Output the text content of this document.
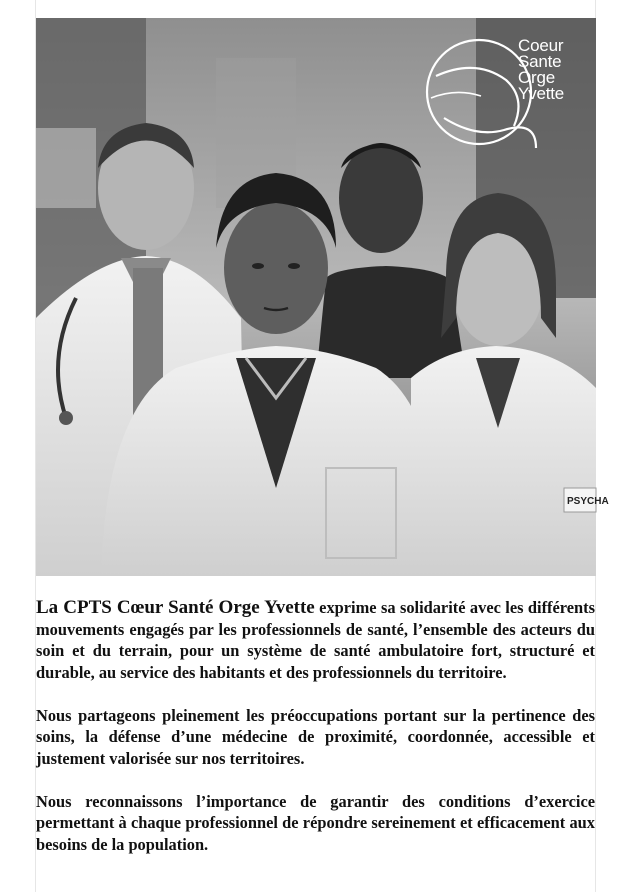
PSYCHA
Coeur
Sante
Orge
Yvette

La CPTS Cœur Santé Orge Yvette exprime sa solidarité avec les différents mouvements engagés par les professionnels de santé, l’ensemble des acteurs du soin et du terrain, pour un système de santé ambulatoire fort, structuré et durable, au service des habitants et des professionnels du territoire.

Nous partageons pleinement les préoccupations portant sur la pertinence des soins, la défense d’une médecine de proximité, coordonnée, accessible et justement valorisée sur nos territoires.

Nous reconnaissons l’importance de garantir des conditions d’exercice permettant à chaque professionnel de répondre sereinement et efficacement aux besoins de la population.
